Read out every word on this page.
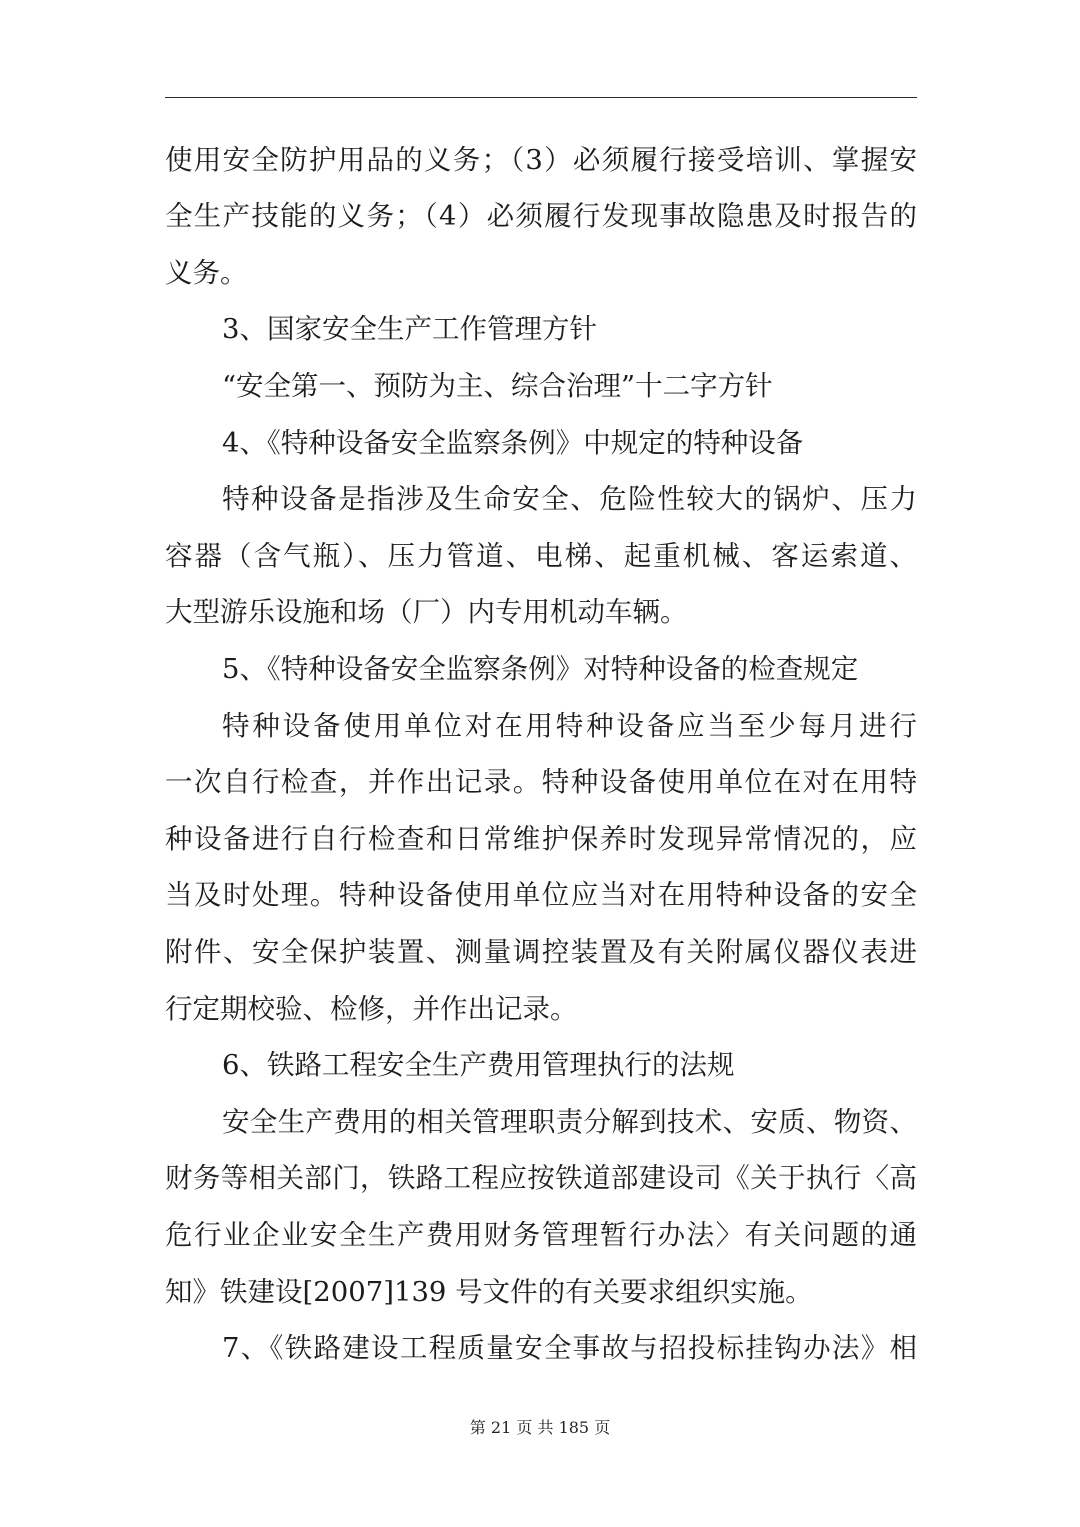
使用安全防护用品的义务；（3）必须履行接受培训、掌握安
全生产技能的义务；（4）必须履行发现事故隐患及时报告的
义务。
3、国家安全生产工作管理方针
“安全第一、预防为主、综合治理”十二字方针
4、《特种设备安全监察条例》中规定的特种设备
特种设备是指涉及生命安全、危险性较大的锅炉、压力
容器（含气瓶）、压力管道、电梯、起重机械、客运索道、
大型游乐设施和场（厂）内专用机动车辆。
5、《特种设备安全监察条例》对特种设备的检查规定
特种设备使用单位对在用特种设备应当至少每月进行
一次自行检查，并作出记录。特种设备使用单位在对在用特
种设备进行自行检查和日常维护保养时发现异常情况的，应
当及时处理。特种设备使用单位应当对在用特种设备的安全
附件、安全保护装置、测量调控装置及有关附属仪器仪表进
行定期校验、检修，并作出记录。
6、铁路工程安全生产费用管理执行的法规
安全生产费用的相关管理职责分解到技术、安质、物资、
财务等相关部门，铁路工程应按铁道部建设司《关于执行〈高
危行业企业安全生产费用财务管理暂行办法〉有关问题的通
知》铁建设[2007]139 号文件的有关要求组织实施。
7、《铁路建设工程质量安全事故与招投标挂钩办法》相
第 21 页 共 185 页
